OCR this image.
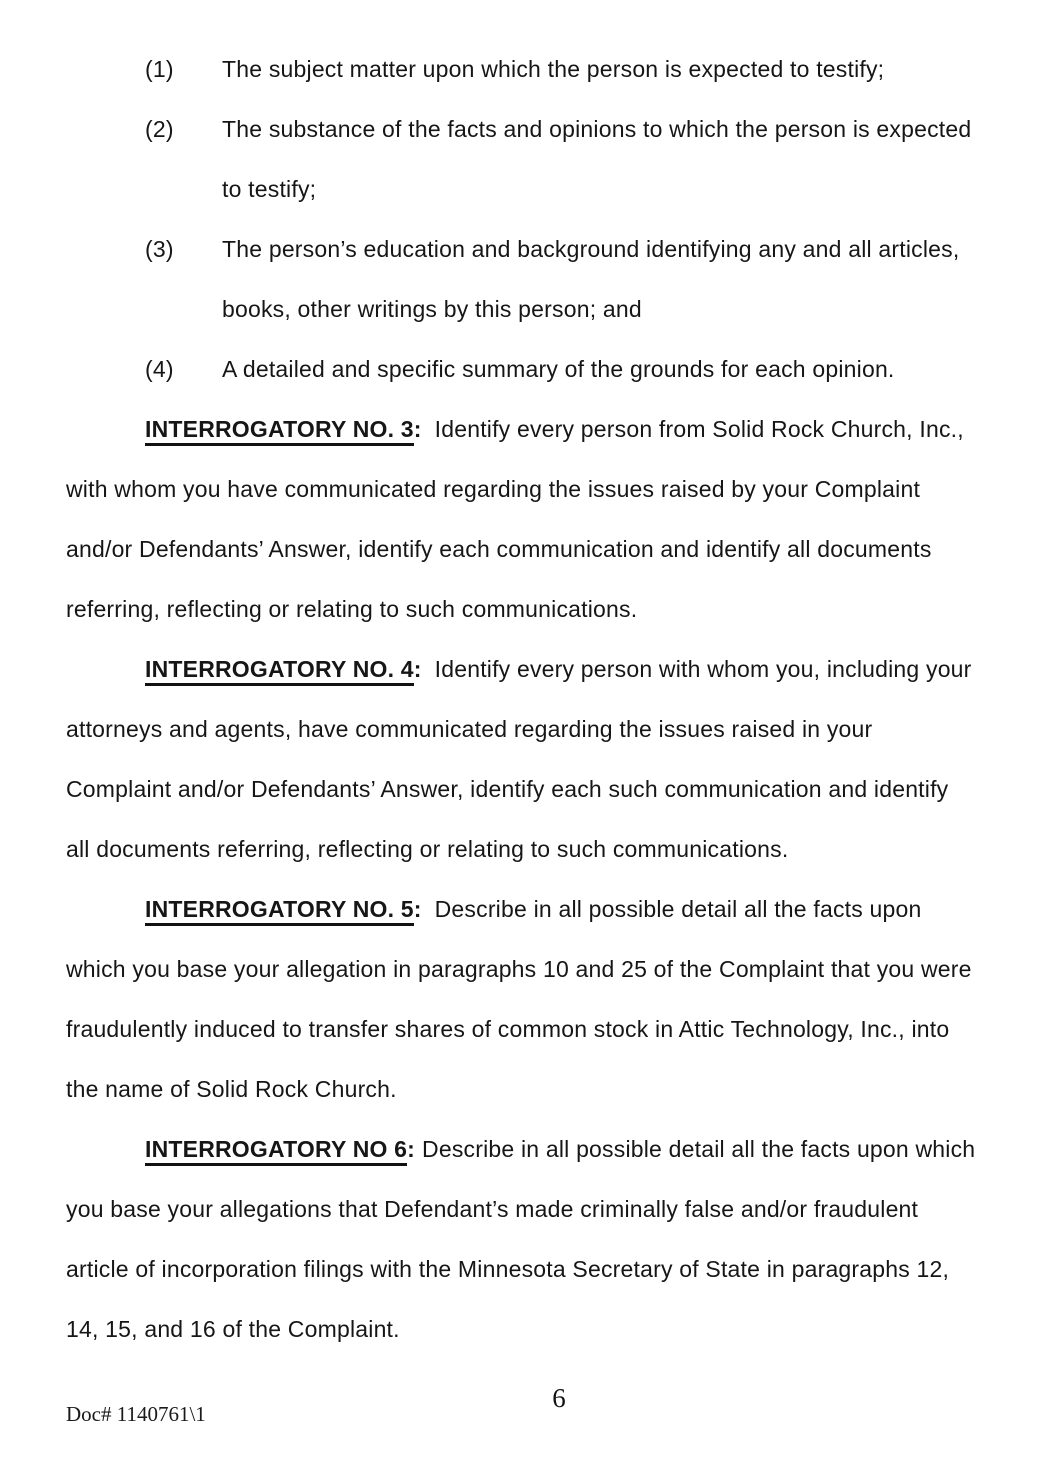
(1) The subject matter upon which the person is expected to testify;
(2) The substance of the facts and opinions to which the person is expected
to testify;
(3) The person’s education and background identifying any and all articles,
books, other writings by this person; and
(4) A detailed and specific summary of the grounds for each opinion.
INTERROGATORY NO. 3: Identify every person from Solid Rock Church, Inc.,
with whom you have communicated regarding the issues raised by your Complaint
and/or Defendants’ Answer, identify each communication and identify all documents
referring, reflecting or relating to such communications.
INTERROGATORY NO. 4: Identify every person with whom you, including your
attorneys and agents, have communicated regarding the issues raised in your
Complaint and/or Defendants’ Answer, identify each such communication and identify
all documents referring, reflecting or relating to such communications.
INTERROGATORY NO. 5: Describe in all possible detail all the facts upon
which you base your allegation in paragraphs 10 and 25 of the Complaint that you were
fraudulently induced to transfer shares of common stock in Attic Technology, Inc., into
the name of Solid Rock Church.
INTERROGATORY NO 6: Describe in all possible detail all the facts upon which
you base your allegations that Defendant’s made criminally false and/or fraudulent
article of incorporation filings with the Minnesota Secretary of State in paragraphs 12,
14, 15, and 16 of the Complaint.
Doc# 1140761\1
6
